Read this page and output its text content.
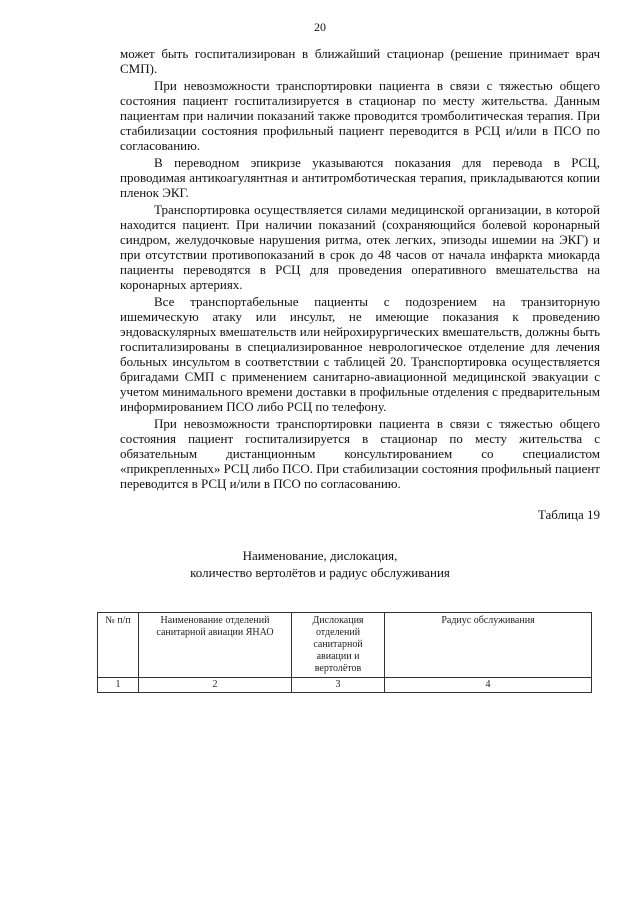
20

может быть госпитализирован в ближайший стационар (решение принимает врач СМП).

При невозможности транспортировки пациента в связи с тяжестью общего состояния пациент госпитализируется в стационар по месту жительства. Данным пациентам при наличии показаний также проводится тромболитическая терапия. При стабилизации состояния профильный пациент переводится в РСЦ и/или в ПСО по согласованию.

В переводном эпикризе указываются показания для перевода в РСЦ, проводимая антикоагулянтная и антитромботическая терапия, прикладываются копии пленок ЭКГ.

Транспортировка осуществляется силами медицинской организации, в которой находится пациент. При наличии показаний (сохраняющийся болевой коронарный синдром, желудочковые нарушения ритма, отек легких, эпизоды ишемии на ЭКГ) и при отсутствии противопоказаний в срок до 48 часов от начала инфаркта миокарда пациенты переводятся в РСЦ для проведения оперативного вмешательства на коронарных артериях.

Все транспортабельные пациенты с подозрением на транзиторную ишемическую атаку или инсульт, не имеющие показания к проведению эндоваскулярных вмешательств или нейрохирургических вмешательств, должны быть госпитализированы в специализированное неврологическое отделение для лечения больных инсультом в соответствии с таблицей 20. Транспортировка осуществляется бригадами СМП с применением санитарно-авиационной медицинской эвакуации с учетом минимального времени доставки в профильные отделения с предварительным информированием ПСО либо РСЦ по телефону.

При невозможности транспортировки пациента в связи с тяжестью общего состояния пациент госпитализируется в стационар по месту жительства с обязательным дистанционным консультированием со специалистом «прикрепленных» РСЦ либо ПСО. При стабилизации состояния профильный пациент переводится в РСЦ и/или в ПСО по согласованию.

Таблица 19
Наименование, дислокация,
количество вертолётов и радиус обслуживания
№ п/п	Наименование отделений санитарной авиации ЯНАО	Дислокация отделений санитарной авиации и вертолётов	Радиус обслуживания
1	2	3	4
